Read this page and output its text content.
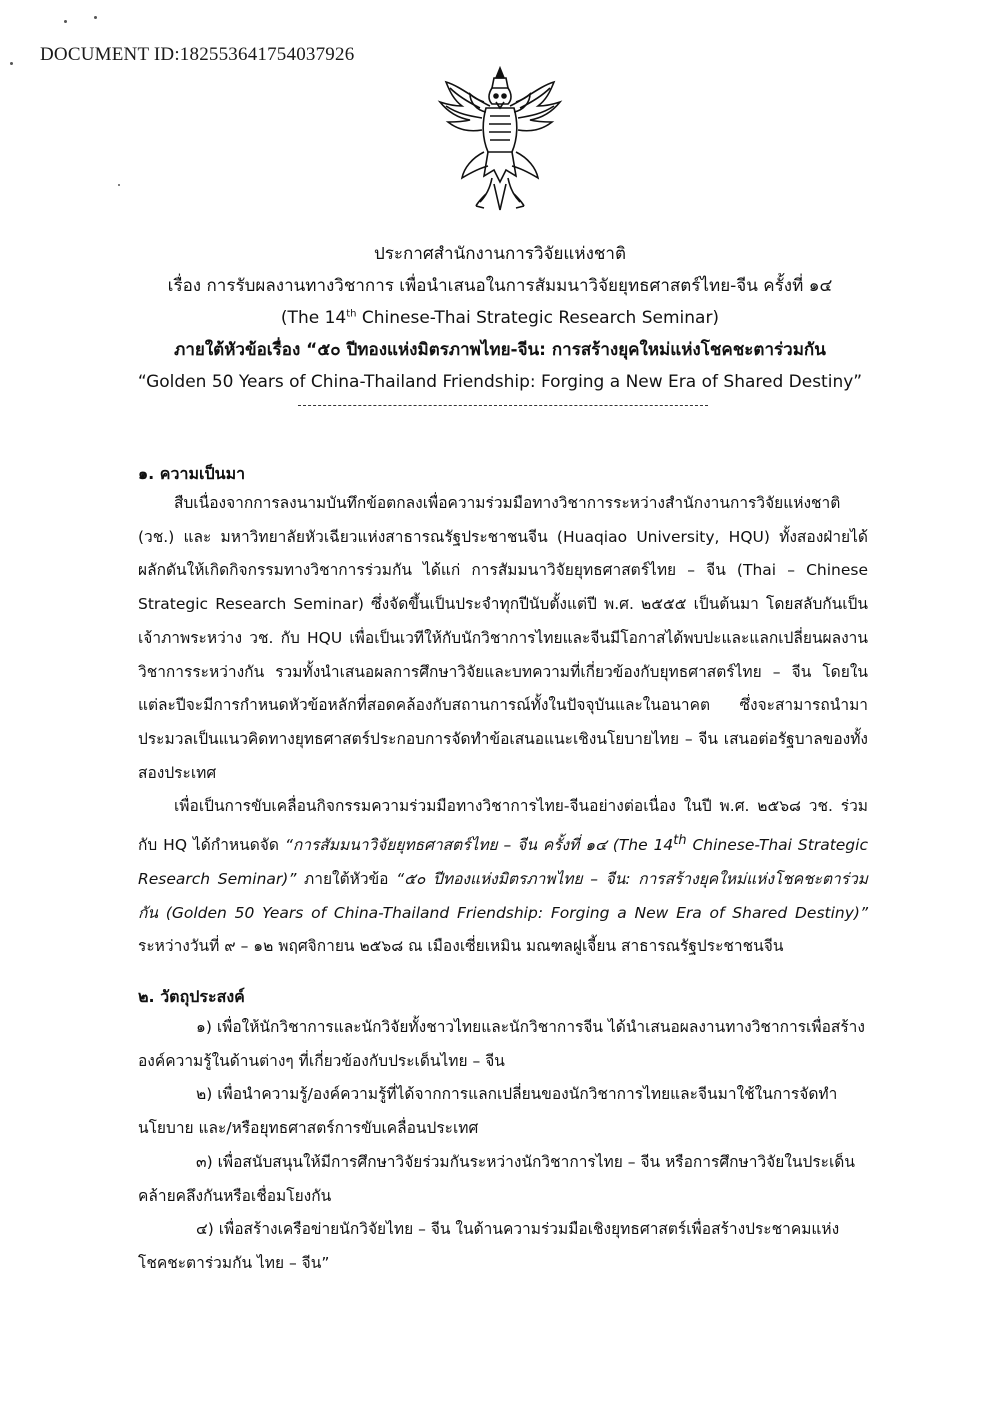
DOCUMENT ID:182553641754037926
ประกาศสำนักงานการวิจัยแห่งชาติ
เรื่อง การรับผลงานทางวิชาการ เพื่อนำเสนอในการสัมมนาวิจัยยุทธศาสตร์ไทย-จีน ครั้งที่ ๑๔
(The 14th Chinese-Thai Strategic Research Seminar)
ภายใต้หัวข้อเรื่อง “๕๐ ปีทองแห่งมิตรภาพไทย-จีน: การสร้างยุคใหม่แห่งโชคชะตาร่วมกัน
“Golden 50 Years of China-Thailand Friendship: Forging a New Era of Shared Destiny”
๑. ความเป็นมา

สืบเนื่องจากการลงนามบันทึกข้อตกลงเพื่อความร่วมมือทางวิชาการระหว่างสำนักงานการวิจัยแห่งชาติ (วช.) และ มหาวิทยาลัยหัวเฉียวแห่งสาธารณรัฐประชาชนจีน (Huaqiao University, HQU) ทั้งสองฝ่ายได้ผลักดันให้เกิดกิจกรรมทางวิชาการร่วมกัน ได้แก่ การสัมมนาวิจัยยุทธศาสตร์ไทย – จีน (Thai – Chinese Strategic Research Seminar) ซึ่งจัดขึ้นเป็นประจำทุกปีนับตั้งแต่ปี พ.ศ. ๒๕๕๕ เป็นต้นมา โดยสลับกันเป็นเจ้าภาพระหว่าง วช. กับ HQU เพื่อเป็นเวทีให้กับนักวิชาการไทยและจีนมีโอกาสได้พบปะและแลกเปลี่ยนผลงานวิชาการระหว่างกัน รวมทั้งนำเสนอผลการศึกษาวิจัยและบทความที่เกี่ยวข้องกับยุทธศาสตร์ไทย – จีน โดยในแต่ละปีจะมีการกำหนดหัวข้อหลักที่สอดคล้องกับสถานการณ์ทั้งในปัจจุบันและในอนาคต ซึ่งจะสามารถนำมาประมวลเป็นแนวคิดทางยุทธศาสตร์ประกอบการจัดทำข้อเสนอแนะเชิงนโยบายไทย – จีน เสนอต่อรัฐบาลของทั้งสองประเทศ

เพื่อเป็นการขับเคลื่อนกิจกรรมความร่วมมือทางวิชาการไทย-จีนอย่างต่อเนื่อง ในปี พ.ศ. ๒๕๖๘ วช. ร่วมกับ HQ ได้กำหนดจัด “การสัมมนาวิจัยยุทธศาสตร์ไทย – จีน ครั้งที่ ๑๔ (The 14th Chinese-Thai Strategic Research Seminar)” ภายใต้หัวข้อ “๕๐ ปีทองแห่งมิตรภาพไทย – จีน: การสร้างยุคใหม่แห่งโชคชะตาร่วมกัน (Golden 50 Years of China-Thailand Friendship: Forging a New Era of Shared Destiny)” ระหว่างวันที่ ๙ – ๑๒ พฤศจิกายน ๒๕๖๘ ณ เมืองเซี่ยเหมิน มณฑลฝูเจี้ยน สาธารณรัฐประชาชนจีน

๒. วัตถุประสงค์

๑) เพื่อให้นักวิชาการและนักวิจัยทั้งชาวไทยและนักวิชาการจีน ได้นำเสนอผลงานทางวิชาการเพื่อสร้างองค์ความรู้ในด้านต่างๆ ที่เกี่ยวข้องกับประเด็นไทย – จีน

๒) เพื่อนำความรู้/องค์ความรู้ที่ได้จากการแลกเปลี่ยนของนักวิชาการไทยและจีนมาใช้ในการจัดทำนโยบาย และ/หรือยุทธศาสตร์การขับเคลื่อนประเทศ

๓) เพื่อสนับสนุนให้มีการศึกษาวิจัยร่วมกันระหว่างนักวิชาการไทย – จีน หรือการศึกษาวิจัยในประเด็นคล้ายคลึงกันหรือเชื่อมโยงกัน

๔) เพื่อสร้างเครือข่ายนักวิจัยไทย – จีน ในด้านความร่วมมือเชิงยุทธศาสตร์เพื่อสร้างประชาคมแห่งโชคชะตาร่วมกัน ไทย – จีน”
